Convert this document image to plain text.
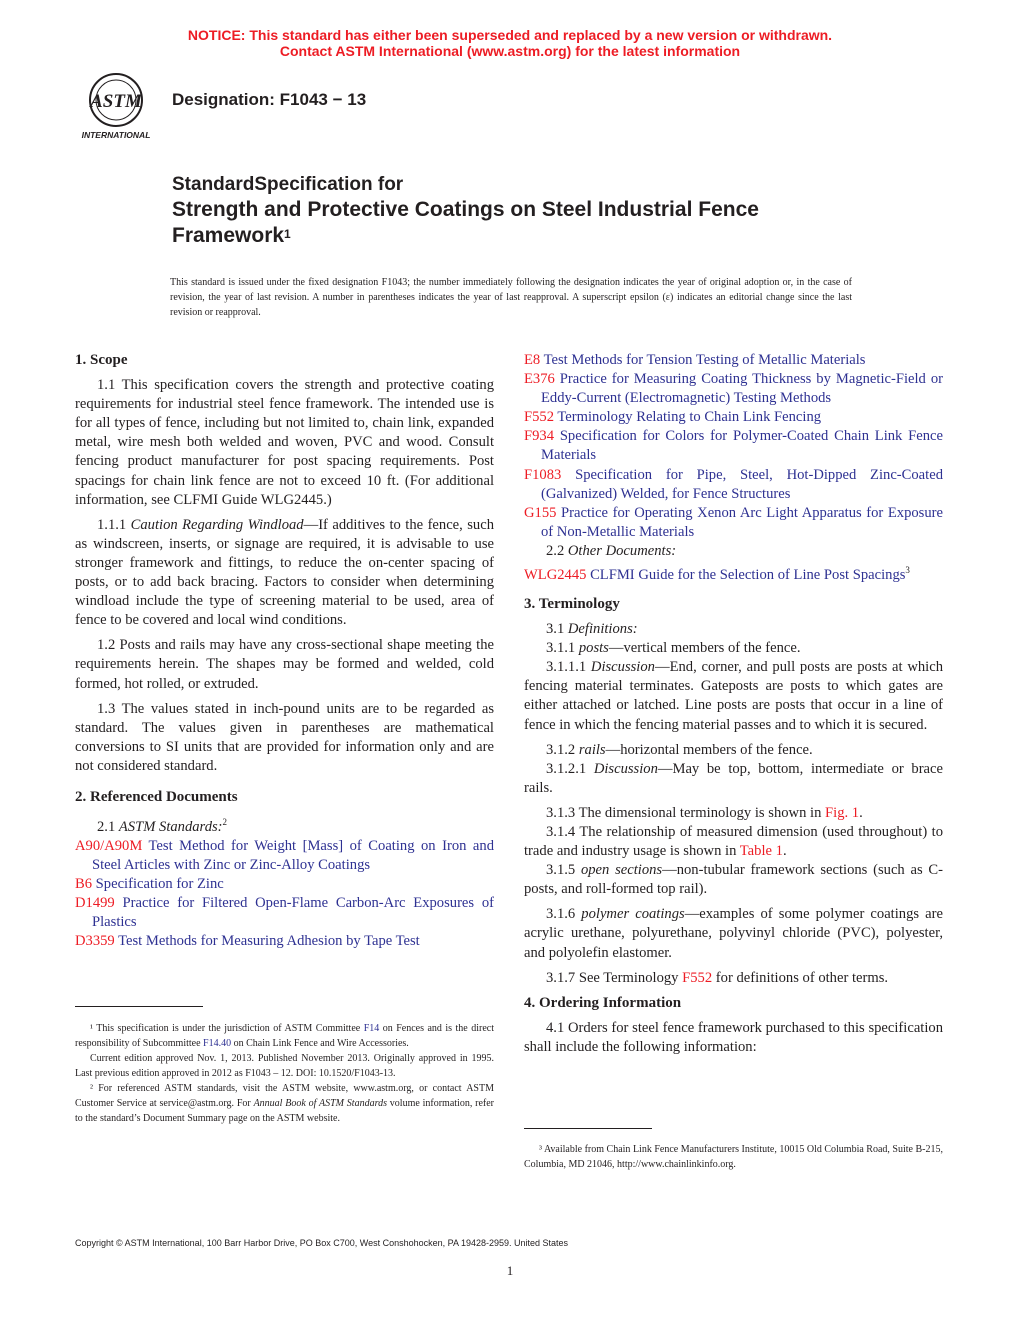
NOTICE: This standard has either been superseded and replaced by a new version or withdrawn.
Contact ASTM International (www.astm.org) for the latest information
ASTM
INTERNATIONAL
Designation: F1043 − 13
StandardSpecification for
Strength and Protective Coatings on Steel Industrial Fence
Framework$^1$
This standard is issued under the fixed designation F1043; the number immediately following the designation indicates the year of original adoption or, in the case of revision, the year of last revision. A number in parentheses indicates the year of last reapproval. A superscript epsilon (ε) indicates an editorial change since the last revision or reapproval.
1. Scope
1.1 This specification covers the strength and protective coating requirements for industrial steel fence framework. The intended use is for all types of fence, including but not limited to, chain link, expanded metal, wire mesh both welded and woven, PVC and wood. Consult fencing product manufacturer for post spacing requirements. Post spacings for chain link fence are not to exceed 10 ft. (For additional information, see CLFMI Guide WLG2445.)
1.1.1 Caution Regarding Windload—If additives to the fence, such as windscreen, inserts, or signage are required, it is advisable to use stronger framework and fittings, to reduce the on-center spacing of posts, or to add back bracing. Factors to consider when determining windload include the type of screening material to be used, area of fence to be covered and local wind conditions.
1.2 Posts and rails may have any cross-sectional shape meeting the requirements herein. The shapes may be formed and welded, cold formed, hot rolled, or extruded.
1.3 The values stated in inch-pound units are to be regarded as standard. The values given in parentheses are mathematical conversions to SI units that are provided for information only and are not considered standard.
2. Referenced Documents
2.1 ASTM Standards:$^2$
A90/A90M Test Method for Weight [Mass] of Coating on Iron and Steel Articles with Zinc or Zinc-Alloy Coatings
B6 Specification for Zinc
D1499 Practice for Filtered Open-Flame Carbon-Arc Exposures of Plastics
D3359 Test Methods for Measuring Adhesion by Tape Test

¹ This specification is under the jurisdiction of ASTM Committee F14 on Fences and is the direct responsibility of Subcommittee F14.40 on Chain Link Fence and Wire Accessories.

Current edition approved Nov. 1, 2013. Published November 2013. Originally approved in 1995. Last previous edition approved in 2012 as F1043 – 12. DOI: 10.1520/F1043-13.

² For referenced ASTM standards, visit the ASTM website, www.astm.org, or contact ASTM Customer Service at service@astm.org. For Annual Book of ASTM Standards volume information, refer to the standard’s Document Summary page on the ASTM website.

E8 Test Methods for Tension Testing of Metallic Materials
E376 Practice for Measuring Coating Thickness by Magnetic-Field or Eddy-Current (Electromagnetic) Testing Methods
F552 Terminology Relating to Chain Link Fencing
F934 Specification for Colors for Polymer-Coated Chain Link Fence Materials
F1083 Specification for Pipe, Steel, Hot-Dipped Zinc-Coated (Galvanized) Welded, for Fence Structures
G155 Practice for Operating Xenon Arc Light Apparatus for Exposure of Non-Metallic Materials
2.2 Other Documents:
WLG2445 CLFMI Guide for the Selection of Line Post Spacings$^3$
3. Terminology
3.1 Definitions:
3.1.1 posts—vertical members of the fence.
3.1.1.1 Discussion—End, corner, and pull posts are posts at which fencing material terminates. Gateposts are posts to which gates are either attached or latched. Line posts are posts that occur in a line of fence in which the fencing material passes and to which it is secured.
3.1.2 rails—horizontal members of the fence.
3.1.2.1 Discussion—May be top, bottom, intermediate or brace rails.
3.1.3 The dimensional terminology is shown in Fig. 1.
3.1.4 The relationship of measured dimension (used throughout) to trade and industry usage is shown in Table 1.
3.1.5 open sections—non-tubular framework sections (such as C-posts, and roll-formed top rail).
3.1.6 polymer coatings—examples of some polymer coatings are acrylic urethane, polyurethane, polyvinyl chloride (PVC), polyester, and polyolefin elastomer.
3.1.7 See Terminology F552 for definitions of other terms.
4. Ordering Information
4.1 Orders for steel fence framework purchased to this specification shall include the following information:

³ Available from Chain Link Fence Manufacturers Institute, 10015 Old Columbia Road, Suite B-215, Columbia, MD 21046, http://www.chainlinkinfo.org.

Copyright © ASTM International, 100 Barr Harbor Drive, PO Box C700, West Conshohocken, PA 19428-2959. United States
1
